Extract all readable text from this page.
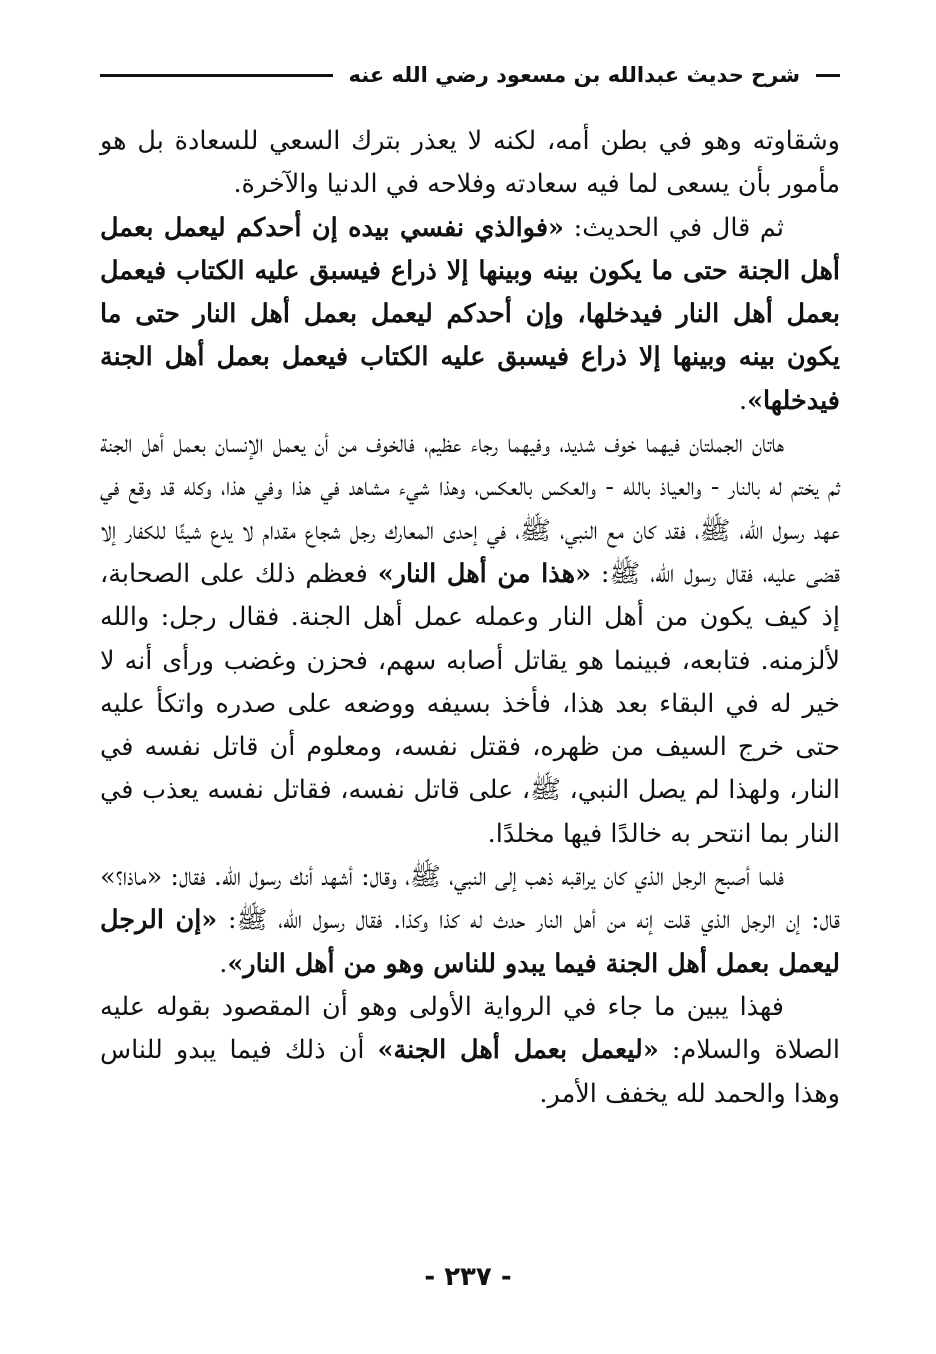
شرح حديث عبدالله بن مسعود رضي الله عنه

وشقاوته وهو في بطن أمه، لكنه لا يعذر بترك السعي للسعادة بل هو مأمور بأن يسعى لما فيه سعادته وفلاحه في الدنيا والآخرة.

ثم قال في الحديث: «فوالذي نفسي بيده إن أحدكم ليعمل بعمل أهل الجنة حتى ما يكون بينه وبينها إلا ذراع فيسبق عليه الكتاب فيعمل بعمل أهل النار فيدخلها، وإن أحدكم ليعمل بعمل أهل النار حتى ما يكون بينه وبينها إلا ذراع فيسبق عليه الكتاب فيعمل بعمل أهل الجنة فيدخلها».

هاتان الجملتان فيهما خوف شديد، وفيهما رجاء عظيم، فالخوف من أن يعمل الإنسان بعمل أهل الجنة ثم يختم له بالنار - والعياذ بالله - والعكس بالعكس، وهذا شيء مشاهد في هذا وفي هذا، وكله قد وقع في عهد رسول الله، ﷺ، فقد كان مع النبي، ﷺ، في إحدى المعارك رجل شجاع مقدام لا يدع شيئًا للكفار إلا قضى عليه، فقال رسول الله، ﷺ: «هذا من أهل النار» فعظم ذلك على الصحابة، إذ كيف يكون من أهل النار وعمله عمل أهل الجنة. فقال رجل: والله لألزمنه. فتابعه، فبينما هو يقاتل أصابه سهم، فحزن وغضب ورأى أنه لا خير له في البقاء بعد هذا، فأخذ بسيفه ووضعه على صدره واتكأ عليه حتى خرج السيف من ظهره، فقتل نفسه، ومعلوم أن قاتل نفسه في النار، ولهذا لم يصل النبي، ﷺ، على قاتل نفسه، فقاتل نفسه يعذب في النار بما انتحر به خالدًا فيها مخلدًا.

فلما أصبح الرجل الذي كان يراقبه ذهب إلى النبي، ﷺ، وقال: أشهد أنك رسول الله. فقال: «ماذا؟» قال: إن الرجل الذي قلت إنه من أهل النار حدث له كذا وكذا. فقال رسول الله، ﷺ: «إن الرجل ليعمل بعمل أهل الجنة فيما يبدو للناس وهو من أهل النار».

فهذا يبين ما جاء في الرواية الأولى وهو أن المقصود بقوله عليه الصلاة والسلام: «ليعمل بعمل أهل الجنة» أن ذلك فيما يبدو للناس وهذا والحمد لله يخفف الأمر.

- ٢٣٧ -
